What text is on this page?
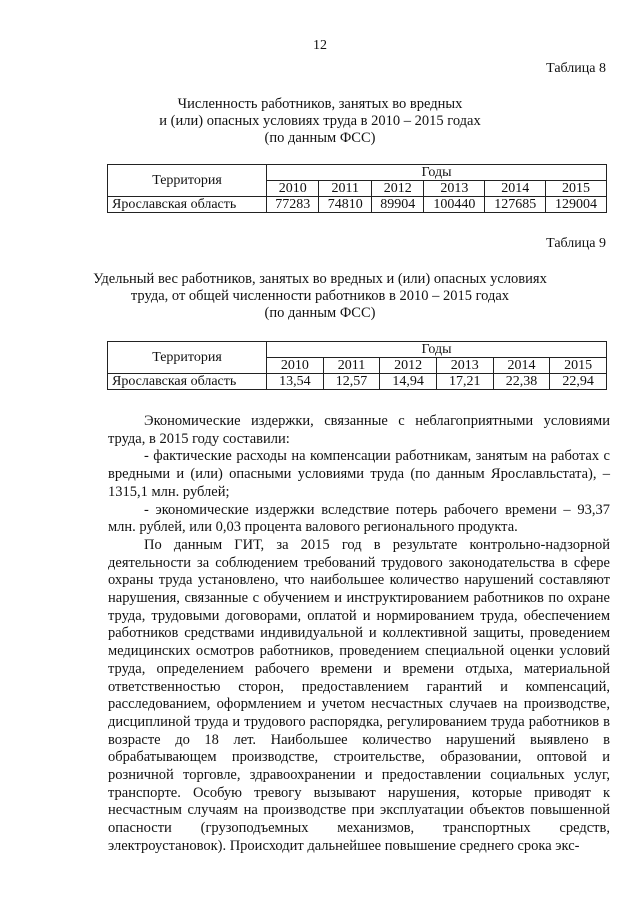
12
Таблица 8
Численность работников, занятых во вредных
и (или) опасных условиях труда в 2010 – 2015 годах
(по данным ФСС)
Территория	Годы					
	2010	2011	2012	2013	2014	2015
Ярославская область	77283	74810	89904	100440	127685	129004
Таблица 9
Удельный вес работников, занятых во вредных и (или) опасных условиях
труда, от общей численности работников в 2010 – 2015 годах
(по данным ФСС)
Территория	Годы					
	2010	2011	2012	2013	2014	2015
Ярославская область	13,54	12,57	14,94	17,21	22,38	22,94

Экономические издержки, связанные с неблагоприятными условиями труда, в 2015 году составили:

- фактические расходы на компенсации работникам, занятым на работах с вредными и (или) опасными условиями труда (по данным Ярославльстата), – 1315,1 млн. рублей;

- экономические издержки вследствие потерь рабочего времени – 93,37 млн. рублей, или 0,03 процента валового регионального продукта.

По данным ГИТ, за 2015 год в результате контрольно-надзорной деятельности за соблюдением требований трудового законодательства в сфере охраны труда установлено, что наибольшее количество нарушений составляют нарушения, связанные с обучением и инструктированием работников по охране труда, трудовыми договорами, оплатой и нормированием труда, обеспечением работников средствами индивидуальной и коллективной защиты, проведением медицинских осмотров работников, проведением специальной оценки условий труда, определением рабочего времени и времени отдыха, материальной ответственностью сторон, предоставлением гарантий и компенсаций, расследованием, оформлением и учетом несчастных случаев на производстве, дисциплиной труда и трудового распорядка, регулированием труда работников в возрасте до 18 лет. Наибольшее количество нарушений выявлено в обрабатывающем производстве, строительстве, образовании, оптовой и розничной торговле, здравоохранении и предоставлении социальных услуг, транспорте. Особую тревогу вызывают нарушения, которые приводят к несчастным случаям на производстве при эксплуатации объектов повышенной опасности (грузоподъемных механизмов, транспортных средств, электроустановок). Происходит дальнейшее повышение среднего срока экс-
